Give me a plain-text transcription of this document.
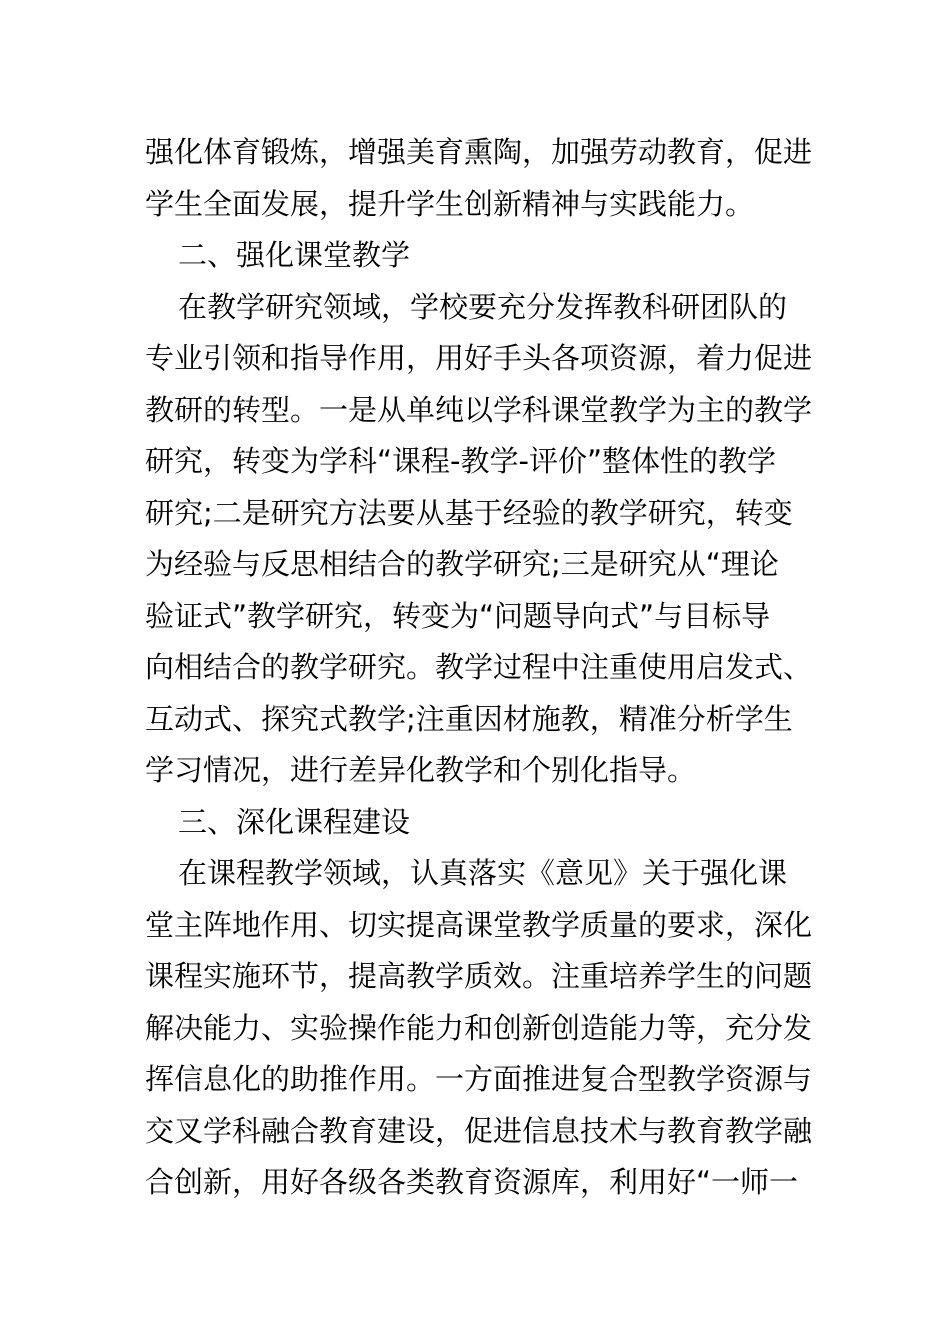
强化体育锻炼，增强美育熏陶，加强劳动教育，促进

学生全面发展，提升学生创新精神与实践能力。

二、强化课堂教学

在教学研究领域，学校要充分发挥教科研团队的

专业引领和指导作用，用好手头各项资源，着力促进

教研的转型。一是从单纯以学科课堂教学为主的教学

研究，转变为学科“课程-教学-评价”整体性的教学

研究;二是研究方法要从基于经验的教学研究，转变

为经验与反思相结合的教学研究;三是研究从“理论

验证式”教学研究，转变为“问题导向式”与目标导

向相结合的教学研究。教学过程中注重使用启发式、

互动式、探究式教学;注重因材施教，精准分析学生

学习情况，进行差异化教学和个别化指导。

三、深化课程建设

在课程教学领域，认真落实《意见》关于强化课

堂主阵地作用、切实提高课堂教学质量的要求，深化

课程实施环节，提高教学质效。注重培养学生的问题

解决能力、实验操作能力和创新创造能力等，充分发

挥信息化的助推作用。一方面推进复合型教学资源与

交叉学科融合教育建设，促进信息技术与教育教学融

合创新，用好各级各类教育资源库，利用好“一师一
